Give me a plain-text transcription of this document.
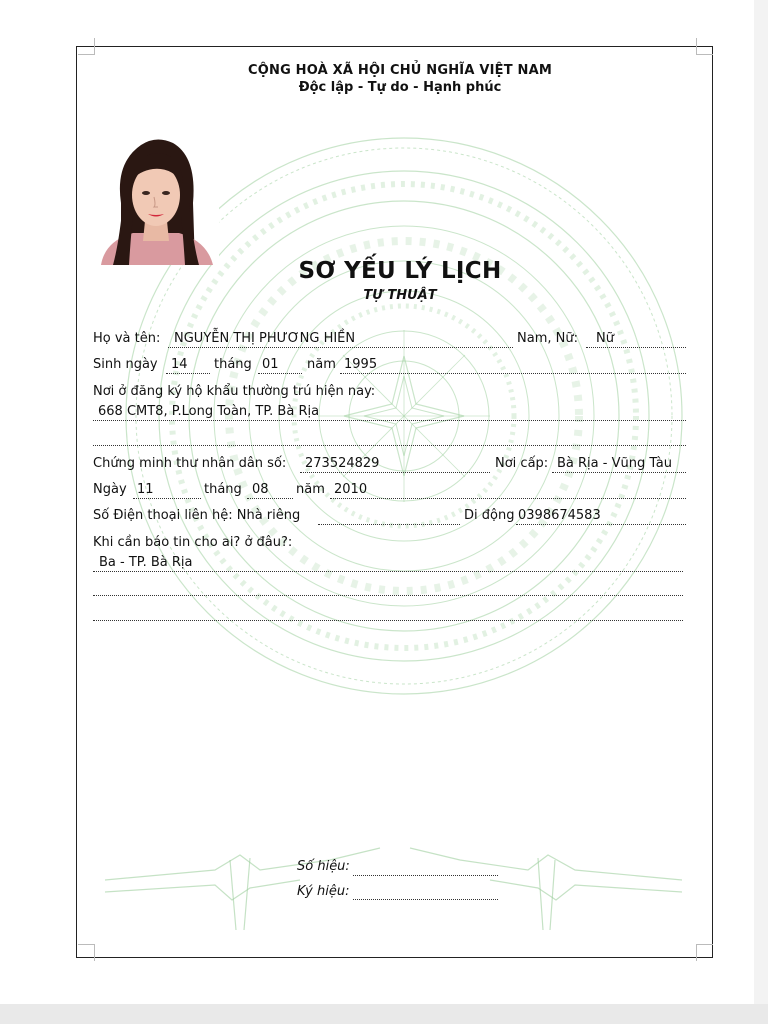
CỘNG HOÀ XÃ HỘI CHỦ NGHĨA VIỆT NAM
Độc lập - Tự do - Hạnh phúc
SƠ YẾU LÝ LỊCH
TỰ THUẬT
Họ và tên: NGUYỄN THỊ PHƯƠNG HIỀN	Nam, Nữ: Nữ
Sinh ngày 14 tháng 01 năm 1995
Nơi ở đăng ký hộ khẩu thường trú hiện nay:
668 CMT8, P.Long Toàn, TP. Bà Rịa
Chứng minh thư nhân dân số: 273524829	Nơi cấp: Bà Rịa - Vũng Tàu
Ngày 11	tháng 08 năm 2010
Số Điện thoại liên hệ: Nhà riêng	Di động 0398674583
Khi cần báo tin cho ai? ở đâu?:
Ba - TP. Bà Rịa
Số hiệu:
Ký hiệu:
